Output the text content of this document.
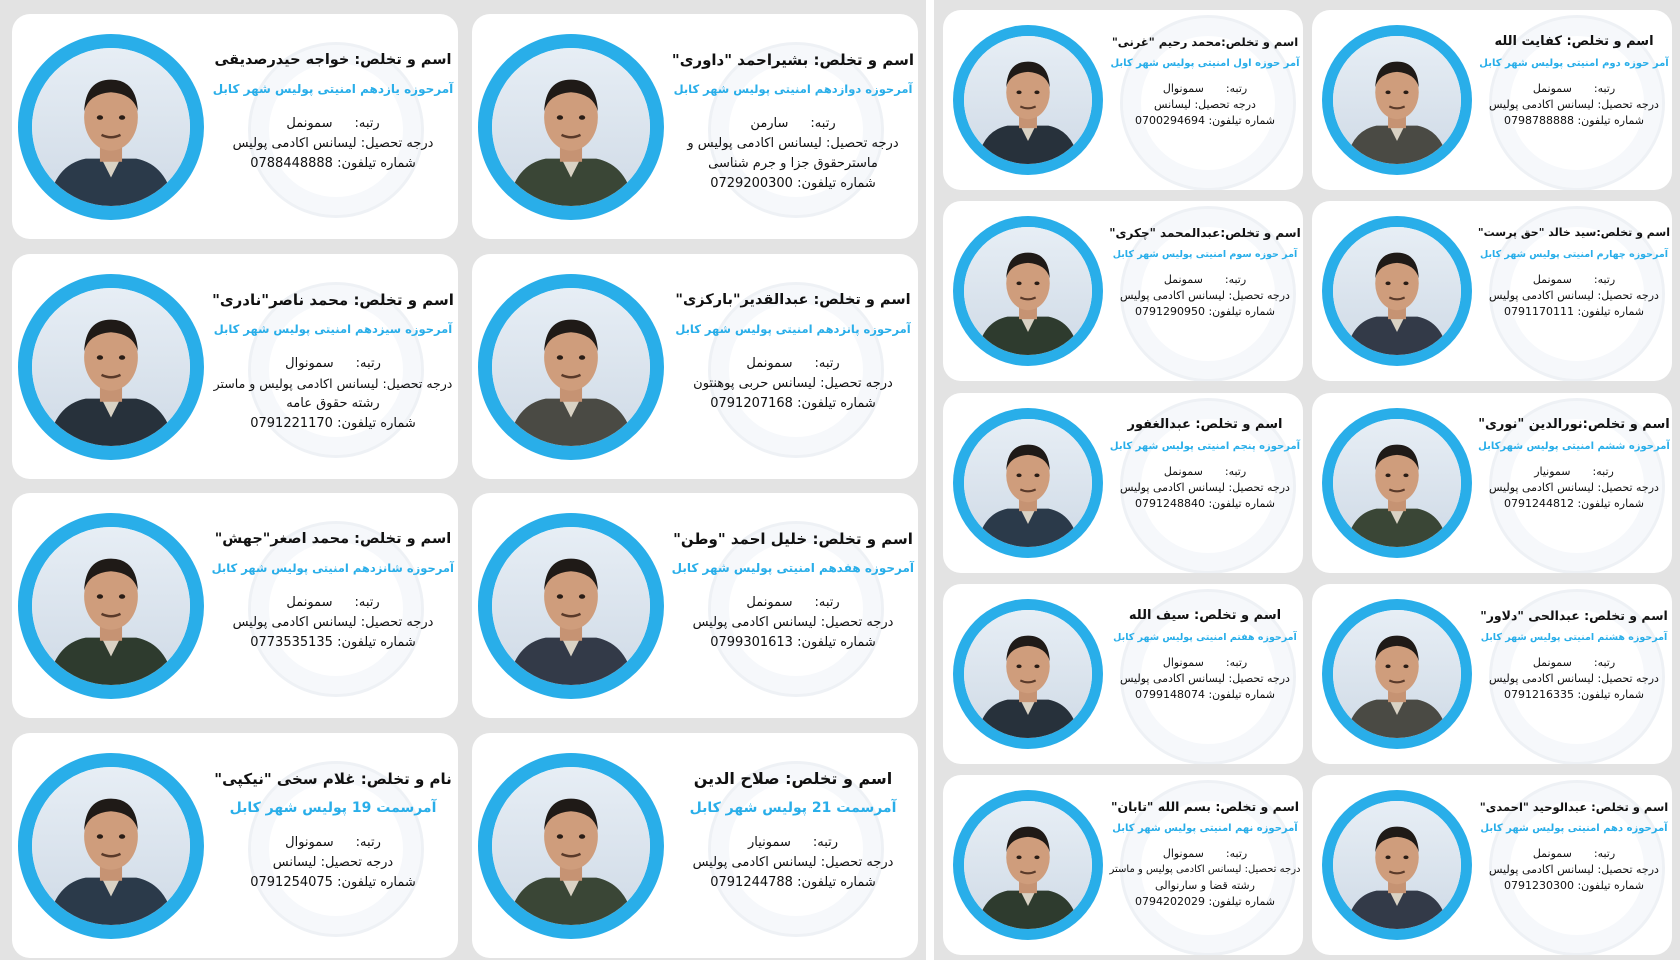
اسم و تخلص: خواجه حیدرصدیقی
آمرحوزه یازدهم امنیتی پولیس شهر کابل
رتبه:
سمونمل
درجه تحصیل: لیسانس اکادمی پولیس
شماره تیلفون: 0788448888
اسم و تخلص: بشیراحمد "داوری"
آمرحوزه دوازدهم امنیتی پولیس شهر کابل
رتبه:
سارمن
درجه تحصیل: لیسانس اکادمی پولیس و
ماسترحقوق جزا و جرم شناسی
شماره تیلفون: 0729200300
اسم و تخلص: محمد ناصر"نادری"
آمرحوزه سیزدهم امنیتی پولیس شهر کابل
رتبه:
سمونوال
درجه تحصیل: لیسانس اکادمی پولیس و ماستر
رشته حقوق عامه
شماره تیلفون: 0791221170
اسم و تخلص: عبدالقدیر"بارکزی"
آمرحوزه پانزدهم امنیتی پولیس شهر کابل
رتبه:
سمونمل
درجه تحصیل: لیسانس حربی پوهنتون
شماره تیلفون: 0791207168
اسم و تخلص: محمد اصغر"جهش"
آمرحوزه شانزدهم امنیتی پولیس شهر کابل
رتبه:
سمونمل
درجه تحصیل: لیسانس اکادمی پولیس
شماره تیلفون: 0773535135
اسم و تخلص: خلیل احمد "وطن"
آمرحوزه هفدهم امنیتی پولیس شهر کابل
رتبه:
سمونمل
درجه تحصیل: لیسانس اکادمی پولیس
شماره تیلفون: 0799301613
نام و تخلص: غلام سخی "نیکپی"
آمرسمت 19 پولیس شهر کابل
رتبه:
سمونوال
درجه تحصیل: لیسانس
شماره تیلفون: 0791254075
اسم و تخلص: صلاح الدین
آمرسمت 21 پولیس شهر کابل
رتبه:
سمونیار
درجه تحصیل: لیسانس اکادمی پولیس
شماره تیلفون: 0791244788
اسم و تخلص:محمد رحیم "غرنی"
آمر حوزه اول امنیتی پولیس شهر کابل
رتبه:
سمونوال
درجه تحصیل: لیسانس
شماره تیلفون: 0700294694
اسم و تخلص: کفایت الله
آمر حوزه دوم امنیتی پولیس شهر کابل
رتبه:
سمونمل
درجه تحصیل: لیسانس اکادمی پولیس
شماره تیلفون: 0798788888
اسم و تخلص:عبدالمحمد "چکری"
آمر حوزه سوم امنیتی پولیس شهر کابل
رتبه:
سمونمل
درجه تحصیل: لیسانس اکادمی پولیس
شماره تیلفون: 0791290950
اسم و تخلص:سید خالد "حق پرست"
آمرحوزه چهارم امنیتی پولیس شهر کابل
رتبه:
سمونمل
درجه تحصیل: لیسانس اکادمی پولیس
شماره تیلفون: 0791170111
اسم و تخلص: عبدالغفور
آمرحوزه پنجم امنیتی پولیس شهر کابل
رتبه:
سمونمل
درجه تحصیل: لیسانس اکادمی پولیس
شماره تیلفون: 0791248840
اسم و تخلص:نورالدین "نوری"
آمرحوزه ششم امنیتی پولیس شهرکابل
رتبه:
سمونیار
درجه تحصیل: لیسانس اکادمی پولیس
شماره تیلفون: 0791244812
اسم و تخلص: سیف الله
آمرحوزه هفتم امنیتی پولیس شهر کابل
رتبه:
سمونوال
درجه تحصیل: لیسانس اکادمی پولیس
شماره تیلفون: 0799148074
اسم و تخلص: عبدالحی "دلاور"
آمرحوزه هشتم امنیتی پولیس شهر کابل
رتبه:
سمونمل
درجه تحصیل: لیسانس اکادمی پولیس
شماره تیلفون: 0791216335
اسم و تخلص: بسم الله "تابان"
آمرحوزه نهم امنیتی پولیس شهر کابل
رتبه:
سمونوال
درجه تحصیل: لیسانس اکادمی پولیس و ماستر
رشته قضا و سارنوالی
شماره تیلفون: 0794202029
اسم و تخلص: عبدالوحید "احمدی"
آمرحوزه دهم امنیتی پولیس شهر کابل
رتبه:
سمونمل
درجه تحصیل: لیسانس اکادمی پولیس
شماره تیلفون: 0791230300
